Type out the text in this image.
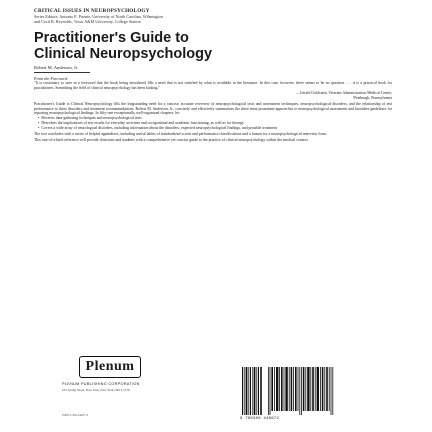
CRITICAL ISSUES IN NEUROPSYCHOLOGY
Series Editors: Antonio E. Puente, University of North Carolina, Wilmington
and Cecil R. Reynolds, Texas A&M University, College Station
Practitioner's Guide to
Clinical Neuropsychology
Robert M. Anderson, Jr.
From the Foreword:

"It is customary to note in a foreword that the book being introduced fills a need that is not satisfied by what is available in the literature. In this case, however, there seems to be no question . . . it is a practical book for practitioners. Something the field of clinical neuropsychology has been lacking."

—Gerald Goldstein, Veterans Administration Medical Center,
Pittsburgh, Pennsylvania

Practitioner's Guide to Clinical Neuropsychology fills the longstanding need for a concise, accurate overview of neuropsychological tests and assessment techniques, neuropsychological disorders, and the relationship of test performance to these disorders and treatment recommendations. Robert M. Anderson, Jr., concisely and effectively summarizes the three most prominent approaches to neuropsychological assessment and furnishes guidelines for reporting neuropsychological findings. In fifty-one exceptionally well-organized chapters, he:

• Reviews data-gathering techniques and neuropsychological tests
• Describes the implications of test results for everyday activities and occupational and academic functioning, as well as for therapy
• Covers a wide array of neurological disorders, including information about the disorders, expected neuropsychological findings, and possible treatment

The text concludes with a series of helpful appendixes, including useful tables of standardized scores and performance classifications and a format for a neuropsychological interview form.

This one-of-a-kind reference will provide clinicians and students with a comprehensive yet concise guide to the practice of clinical neuropsychology within the medical context.

Plenum
PLENUM PUBLISHING CORPORATION
233 Spring Street, New York, New York 10013-1578
ISBN 0-306-44467-X
9 780306 446672
